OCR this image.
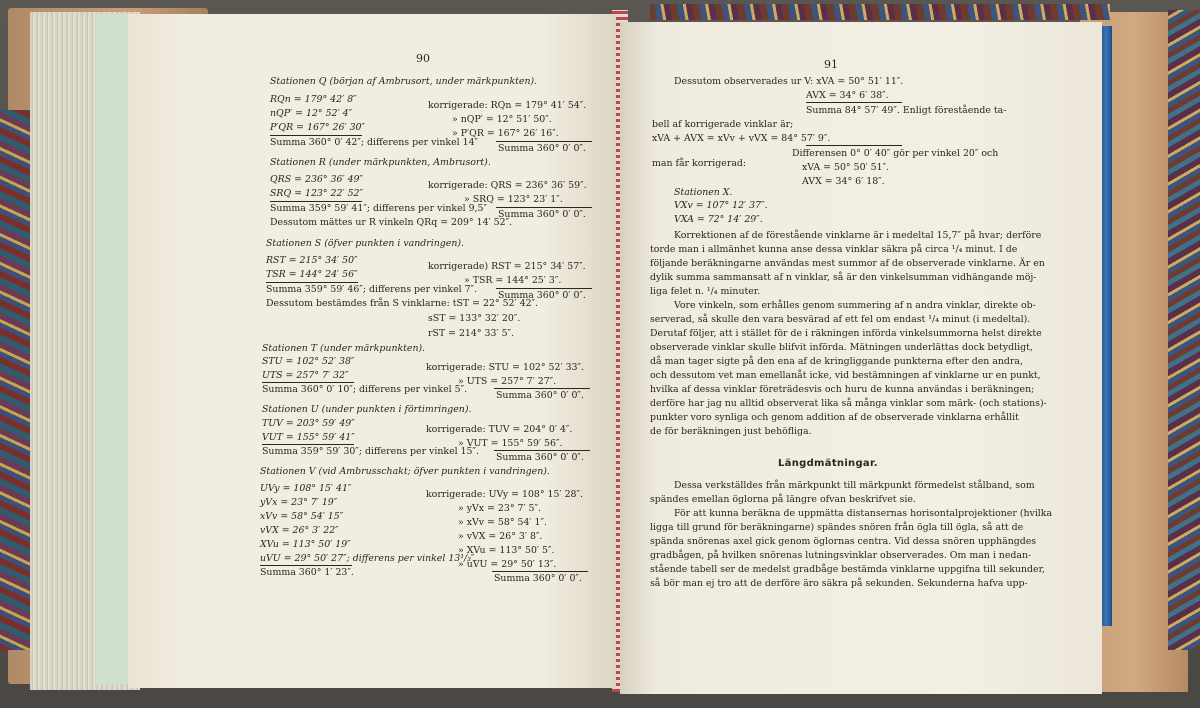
90
Stationen Q (början af Ambrusort, under märkpunkten).
RQn = 179° 42′ 8″
korrigerade: RQn = 179° 41′ 54″.
nQP′ = 12° 52′ 4″
» nQP′ = 12° 51′ 50″.
P′QR = 167° 26′ 30″
» P′QR = 167° 26′ 16″.
Summa 360° 0′ 42″; differens per vinkel 14″
Summa 360° 0′ 0″.
Stationen R (under märkpunkten, Ambrusort).
QRS = 236° 36′ 49″
korrigerade: QRS = 236° 36′ 59″.
SRQ = 123° 22′ 52″
» SRQ = 123° 23′ 1″.
Summa 359° 59′ 41″; differens per vinkel 9,5″
Summa 360° 0′ 0″.
Dessutom mättes ur R vinkeln QRq = 209° 14′ 52″.
Stationen S (öfver punkten i vandringen).
RST = 215° 34′ 50″
korrigerade) RST = 215° 34′ 57″.
TSR = 144° 24′ 56″
» TSR = 144° 25′ 3″.
Summa 359° 59′ 46″; differens per vinkel 7″.
Summa 360° 0′ 0″.
Dessutom bestämdes från S vinklarne: tST = 22° 52′ 42″.
sST = 133° 32′ 20″.
rST = 214° 33′ 5″.
Stationen T (under märkpunkten).
STU = 102° 52′ 38″
korrigerade: STU = 102° 52′ 33″.
UTS = 257° 7′ 32″
» UTS = 257° 7′ 27″.
Summa 360° 0′ 10″; differens per vinkel 5″.
Summa 360° 0′ 0″.
Stationen U (under punkten i förtimringen).
TUV = 203° 59′ 49″
korrigerade: TUV = 204° 0′ 4″.
VUT = 155° 59′ 41″
» VUT = 155° 59′ 56″.
Summa 359° 59′ 30″; differens per vinkel 15″.
Summa 360° 0′ 0″.
Stationen V (vid Ambrusschakt; öfver punkten i vandringen).
UVy = 108° 15′ 41″
korrigerade: UVy = 108° 15′ 28″.
yVx = 23° 7′ 19″
» yVx = 23° 7′ 5″.
xVv = 58° 54′ 15″
» xVv = 58° 54′ 1″.
vVX = 26° 3′ 22″
» vVX = 26° 3′ 8″.
XVu = 113° 50′ 19″
» XVu = 113° 50′ 5″.
uVU = 29° 50′ 27″; differens per vinkel 13¹/₃″.
» uVU = 29° 50′ 13″.
Summa 360° 1′ 23″.
Summa 360° 0′ 0″.
91
Dessutom observerades ur V: xVA = 50° 51′ 11″.
AVX = 34° 6′ 38″.
Summa 84° 57′ 49″. Enligt förestående ta-
bell af korrigerade vinklar är;
xVA + AVX = xVv + vVX = 84° 57′ 9″.
Differensen 0° 0′ 40″ gör per vinkel 20″ och
man får korrigerad:	xVA = 50° 50′ 51″.
AVX = 34° 6′ 18″.
Stationen X.
VXv = 107° 12′ 37″.
VXA = 72° 14′ 29″.
Korrektionen af de förestående vinklarne är i medeltal 15,7″ på hvar; derföre
torde man i allmänhet kunna anse dessa vinklar säkra på circa ¹/₄ minut. I de
följande beräkningarne användas mest summor af de observerade vinklarne. Är en
dylik summa sammansatt af n vinklar, så är den vinkelsumman vidhängande möj-
liga felet n. ¹/₄ minuter.
Vore vinkeln, som erhålles genom summering af n andra vinklar, direkte ob-
serverad, så skulle den vara besvärad af ett fel om endast ¹/₄ minut (i medeltal).
Derutaf följer, att i stället för de i räkningen införda vinkelsummorna helst direkte
observerade vinklar skulle blifvit införda. Mätningen underlättas dock betydligt,
då man tager sigte på den ena af de kringliggande punkterna efter den andra,
och dessutom vet man emellanåt icke, vid bestämningen af vinklarne ur en punkt,
hvilka af dessa vinklar företrädesvis och huru de kunna användas i beräkningen;
derföre har jag nu alltid observerat lika så många vinklar som märk- (och stations)-
punkter voro synliga och genom addition af de observerade vinklarna erhållit
de för beräkningen just behöfliga.
Längdmätningar.
Dessa verkställdes från märkpunkt till märkpunkt förmedelst stålband, som
spändes emellan öglorna på längre ofvan beskrifvet sie.
För att kunna beräkna de uppmätta distansernas horisontalprojektioner (hvilka
ligga till grund för beräkningarne) spändes snören från ögla till ögla, så att de
spända snörenas axel gick genom öglornas centra. Vid dessa snören upphängdes
gradbågen, på hvilken snörenas lutningsvinklar observerades. Om man i nedan-
stående tabell ser de medelst gradbåge bestämda vinklarne uppgifna till sekunder,
så bör man ej tro att de derföre äro säkra på sekunden. Sekunderna hafva upp-
